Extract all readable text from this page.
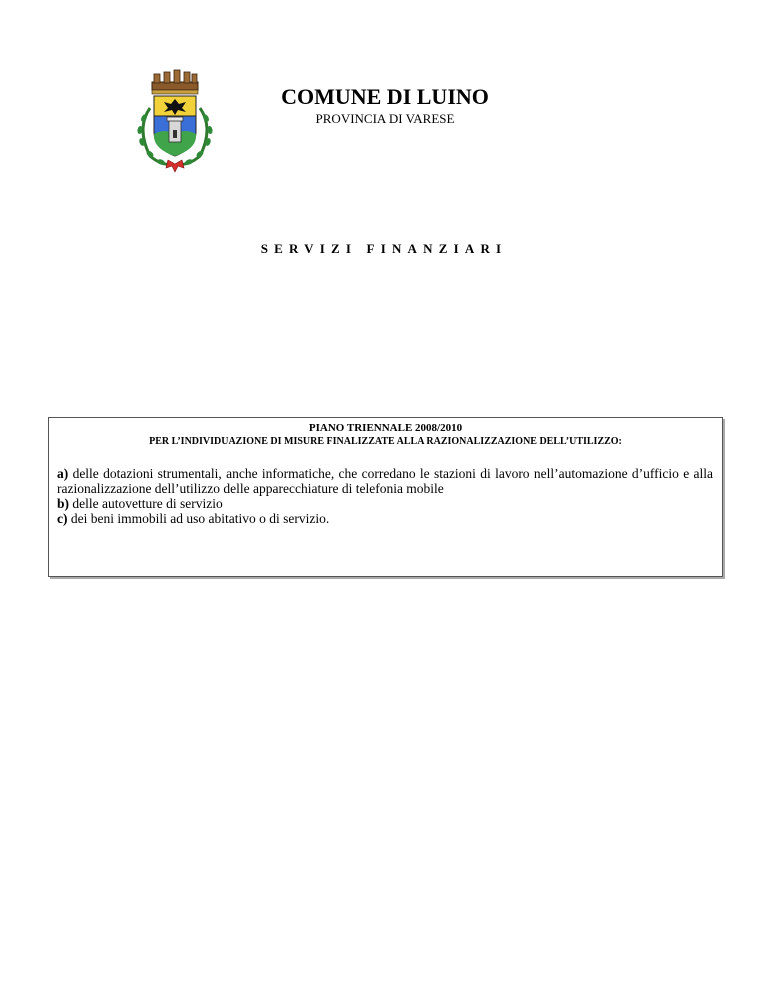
COMUNE DI LUINO
PROVINCIA DI VARESE
SERVIZI FINANZIARI
PIANO TRIENNALE 2008/2010
PER L’INDIVIDUAZIONE DI MISURE FINALIZZATE ALLA RAZIONALIZZAZIONE DELL’UTILIZZO:

a) delle dotazioni strumentali, anche informatiche, che corredano le stazioni di lavoro nell’automazione d’ufficio e alla razionalizzazione dell’utilizzo delle apparecchiature di telefonia mobile

b) delle autovetture di servizio

c) dei beni immobili ad uso abitativo o di servizio.
